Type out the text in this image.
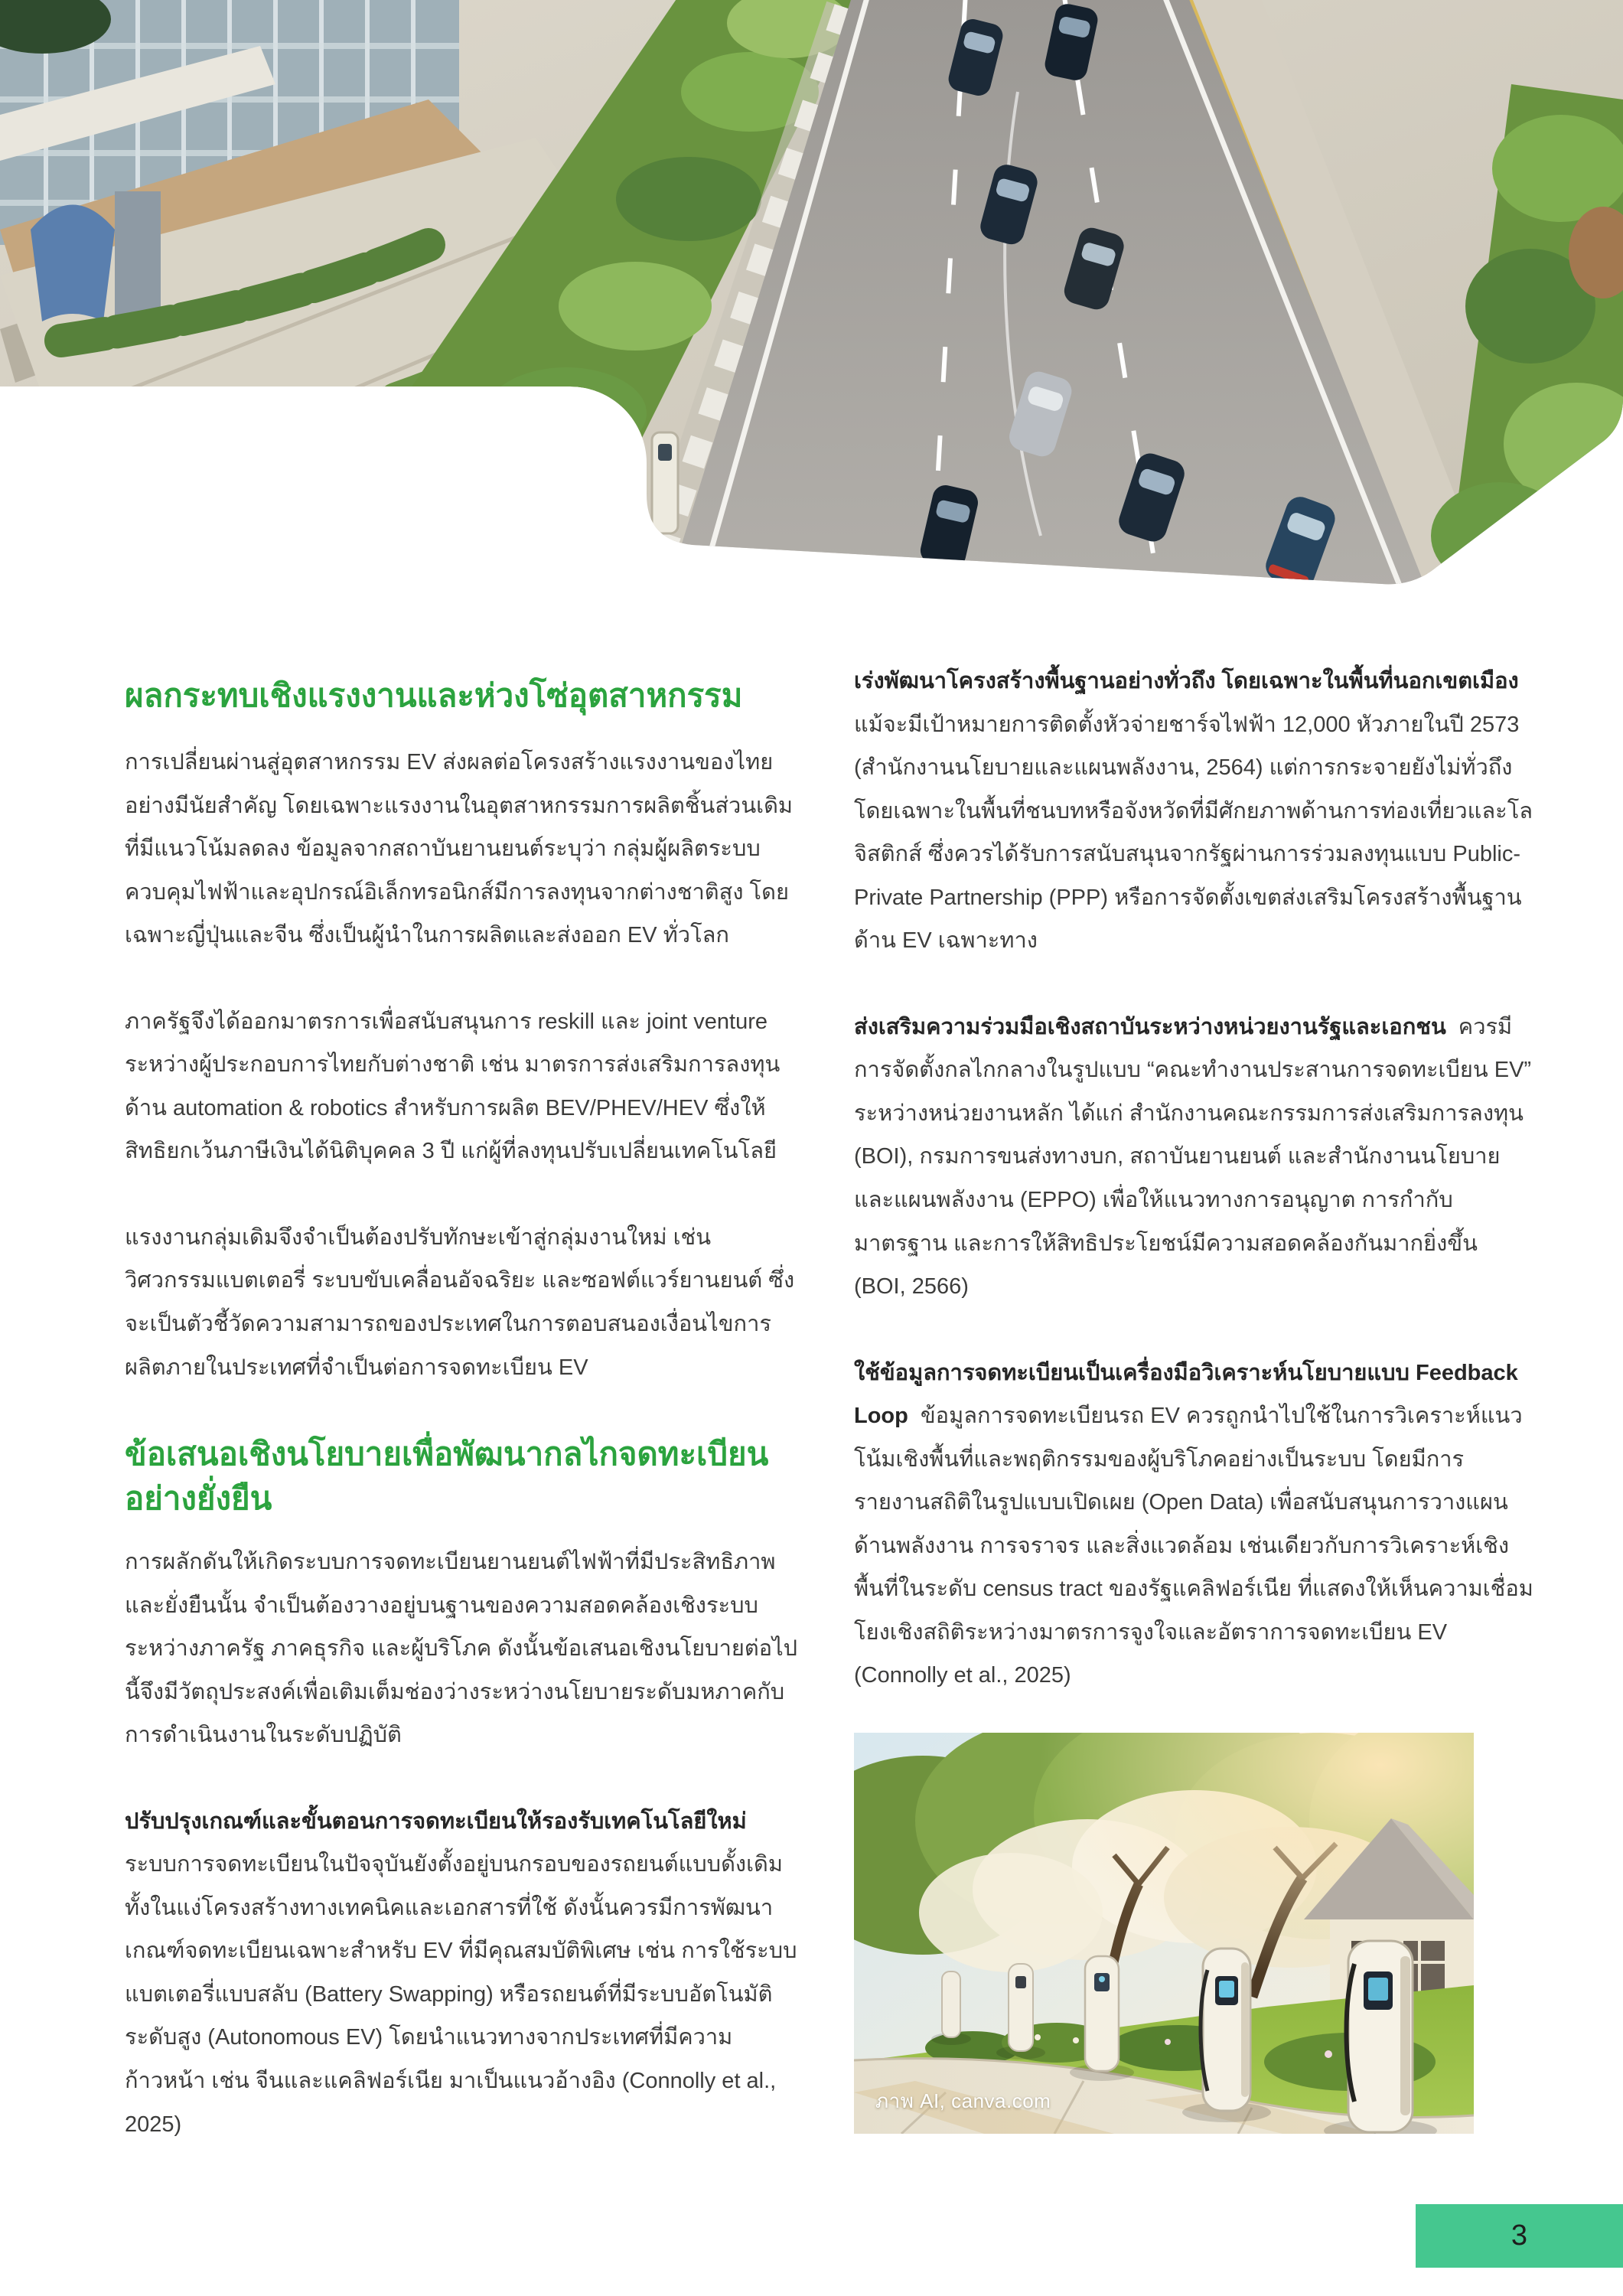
ผลกระทบเชิงแรงงานและห่วงโซ่อุตสาหกรรม

การเปลี่ยนผ่านสู่อุตสาหกรรม EV ส่งผลต่อโครงสร้างแรงงานของไทยอย่างมีนัยสำคัญ โดยเฉพาะแรงงานในอุตสาหกรรมการผลิตชิ้นส่วนเดิมที่มีแนวโน้มลดลง ข้อมูลจากสถาบันยานยนต์ระบุว่า กลุ่มผู้ผลิตระบบควบคุมไฟฟ้าและอุปกรณ์อิเล็กทรอนิกส์มีการลงทุนจากต่างชาติสูง โดยเฉพาะญี่ปุ่นและจีน ซึ่งเป็นผู้นำในการผลิตและส่งออก EV ทั่วโลก

ภาครัฐจึงได้ออกมาตรการเพื่อสนับสนุนการ reskill และ joint venture ระหว่างผู้ประกอบการไทยกับต่างชาติ เช่น มาตรการส่งเสริมการลงทุนด้าน automation & robotics สำหรับการผลิต BEV/PHEV/HEV ซึ่งให้สิทธิยกเว้นภาษีเงินได้นิติบุคคล 3 ปี แก่ผู้ที่ลงทุนปรับเปลี่ยนเทคโนโลยี

แรงงานกลุ่มเดิมจึงจำเป็นต้องปรับทักษะเข้าสู่กลุ่มงานใหม่ เช่น วิศวกรรมแบตเตอรี่ ระบบขับเคลื่อนอัจฉริยะ และซอฟต์แวร์ยานยนต์ ซึ่งจะเป็นตัวชี้วัดความสามารถของประเทศในการตอบสนองเงื่อนไขการผลิตภายในประเทศที่จำเป็นต่อการจดทะเบียน EV

ข้อเสนอเชิงนโยบายเพื่อพัฒนากลไกจดทะเบียนอย่างยั่งยืน

การผลักดันให้เกิดระบบการจดทะเบียนยานยนต์ไฟฟ้าที่มีประสิทธิภาพและยั่งยืนนั้น จำเป็นต้องวางอยู่บนฐานของความสอดคล้องเชิงระบบระหว่างภาครัฐ ภาคธุรกิจ และผู้บริโภค ดังนั้นข้อเสนอเชิงนโยบายต่อไปนี้จึงมีวัตถุประสงค์เพื่อเติมเต็มช่องว่างระหว่างนโยบายระดับมหภาคกับการดำเนินงานในระดับปฏิบัติ

ปรับปรุงเกณฑ์และขั้นตอนการจดทะเบียนให้รองรับเทคโนโลยีใหม่ระบบการจดทะเบียนในปัจจุบันยังตั้งอยู่บนกรอบของรถยนต์แบบดั้งเดิม ทั้งในแง่โครงสร้างทางเทคนิคและเอกสารที่ใช้ ดังนั้นควรมีการพัฒนาเกณฑ์จดทะเบียนเฉพาะสำหรับ EV ที่มีคุณสมบัติพิเศษ เช่น การใช้ระบบแบตเตอรี่แบบสลับ (Battery Swapping) หรือรถยนต์ที่มีระบบอัตโนมัติระดับสูง (Autonomous EV) โดยนำแนวทางจากประเทศที่มีความก้าวหน้า เช่น จีนและแคลิฟอร์เนีย มาเป็นแนวอ้างอิง (Connolly et al., 2025)

เร่งพัฒนาโครงสร้างพื้นฐานอย่างทั่วถึง โดยเฉพาะในพื้นที่นอกเขตเมืองแม้จะมีเป้าหมายการติดตั้งหัวจ่ายชาร์จไฟฟ้า 12,000 หัวภายในปี 2573 (สำนักงานนโยบายและแผนพลังงาน, 2564) แต่การกระจายยังไม่ทั่วถึง โดยเฉพาะในพื้นที่ชนบทหรือจังหวัดที่มีศักยภาพด้านการท่องเที่ยวและโลจิสติกส์ ซึ่งควรได้รับการสนับสนุนจากรัฐผ่านการร่วมลงทุนแบบ Public-Private Partnership (PPP) หรือการจัดตั้งเขตส่งเสริมโครงสร้างพื้นฐานด้าน EV เฉพาะทาง

ส่งเสริมความร่วมมือเชิงสถาบันระหว่างหน่วยงานรัฐและเอกชน ควรมีการจัดตั้งกลไกกลางในรูปแบบ “คณะทำงานประสานการจดทะเบียน EV” ระหว่างหน่วยงานหลัก ได้แก่ สำนักงานคณะกรรมการส่งเสริมการลงทุน (BOI), กรมการขนส่งทางบก, สถาบันยานยนต์ และสำนักงานนโยบายและแผนพลังงาน (EPPO) เพื่อให้แนวทางการอนุญาต การกำกับมาตรฐาน และการให้สิทธิประโยชน์มีความสอดคล้องกันมากยิ่งขึ้น (BOI, 2566)

ใช้ข้อมูลการจดทะเบียนเป็นเครื่องมือวิเคราะห์นโยบายแบบ Feedback Loop ข้อมูลการจดทะเบียนรถ EV ควรถูกนำไปใช้ในการวิเคราะห์แนวโน้มเชิงพื้นที่และพฤติกรรมของผู้บริโภคอย่างเป็นระบบ โดยมีการรายงานสถิติในรูปแบบเปิดเผย (Open Data) เพื่อสนับสนุนการวางแผนด้านพลังงาน การจราจร และสิ่งแวดล้อม เช่นเดียวกับการวิเคราะห์เชิงพื้นที่ในระดับ census tract ของรัฐแคลิฟอร์เนีย ที่แสดงให้เห็นความเชื่อมโยงเชิงสถิติระหว่างมาตรการจูงใจและอัตราการจดทะเบียน EV (Connolly et al., 2025)

ภาพ AI, canva.com
3
